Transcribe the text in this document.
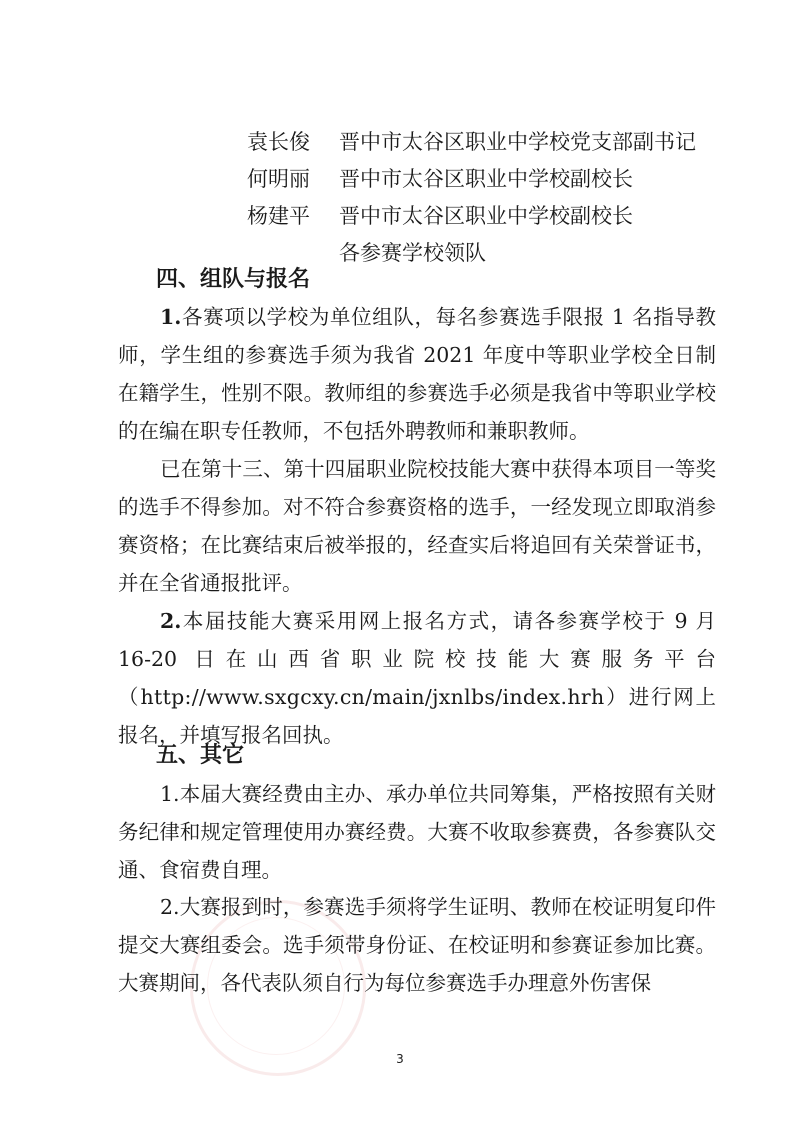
袁长俊	晋中市太谷区职业中学校党支部副书记
何明丽	晋中市太谷区职业中学校副校长
杨建平	晋中市太谷区职业中学校副校长
各参赛学校领队
四、组队与报名

1.各赛项以学校为单位组队，每名参赛选手限报 1 名指导教师，学生组的参赛选手须为我省 2021 年度中等职业学校全日制在籍学生，性别不限。教师组的参赛选手必须是我省中等职业学校的在编在职专任教师，不包括外聘教师和兼职教师。

已在第十三、第十四届职业院校技能大赛中获得本项目一等奖的选手不得参加。对不符合参赛资格的选手，一经发现立即取消参赛资格；在比赛结束后被举报的，经查实后将追回有关荣誉证书，并在全省通报批评。

2.本届技能大赛采用网上报名方式，请各参赛学校于 9 月 16-20 日在山西省职业院校技能大赛服务平台（http://www.sxgcxy.cn/main/jxnlbs/index.hrh）进行网上报名，并填写报名回执。

五、其它

1.本届大赛经费由主办、承办单位共同筹集，严格按照有关财务纪律和规定管理使用办赛经费。大赛不收取参赛费，各参赛队交通、食宿费自理。

2.大赛报到时，参赛选手须将学生证明、教师在校证明复印件提交大赛组委会。选手须带身份证、在校证明和参赛证参加比赛。大赛期间，各代表队须自行为每位参赛选手办理意外伤害保

3
